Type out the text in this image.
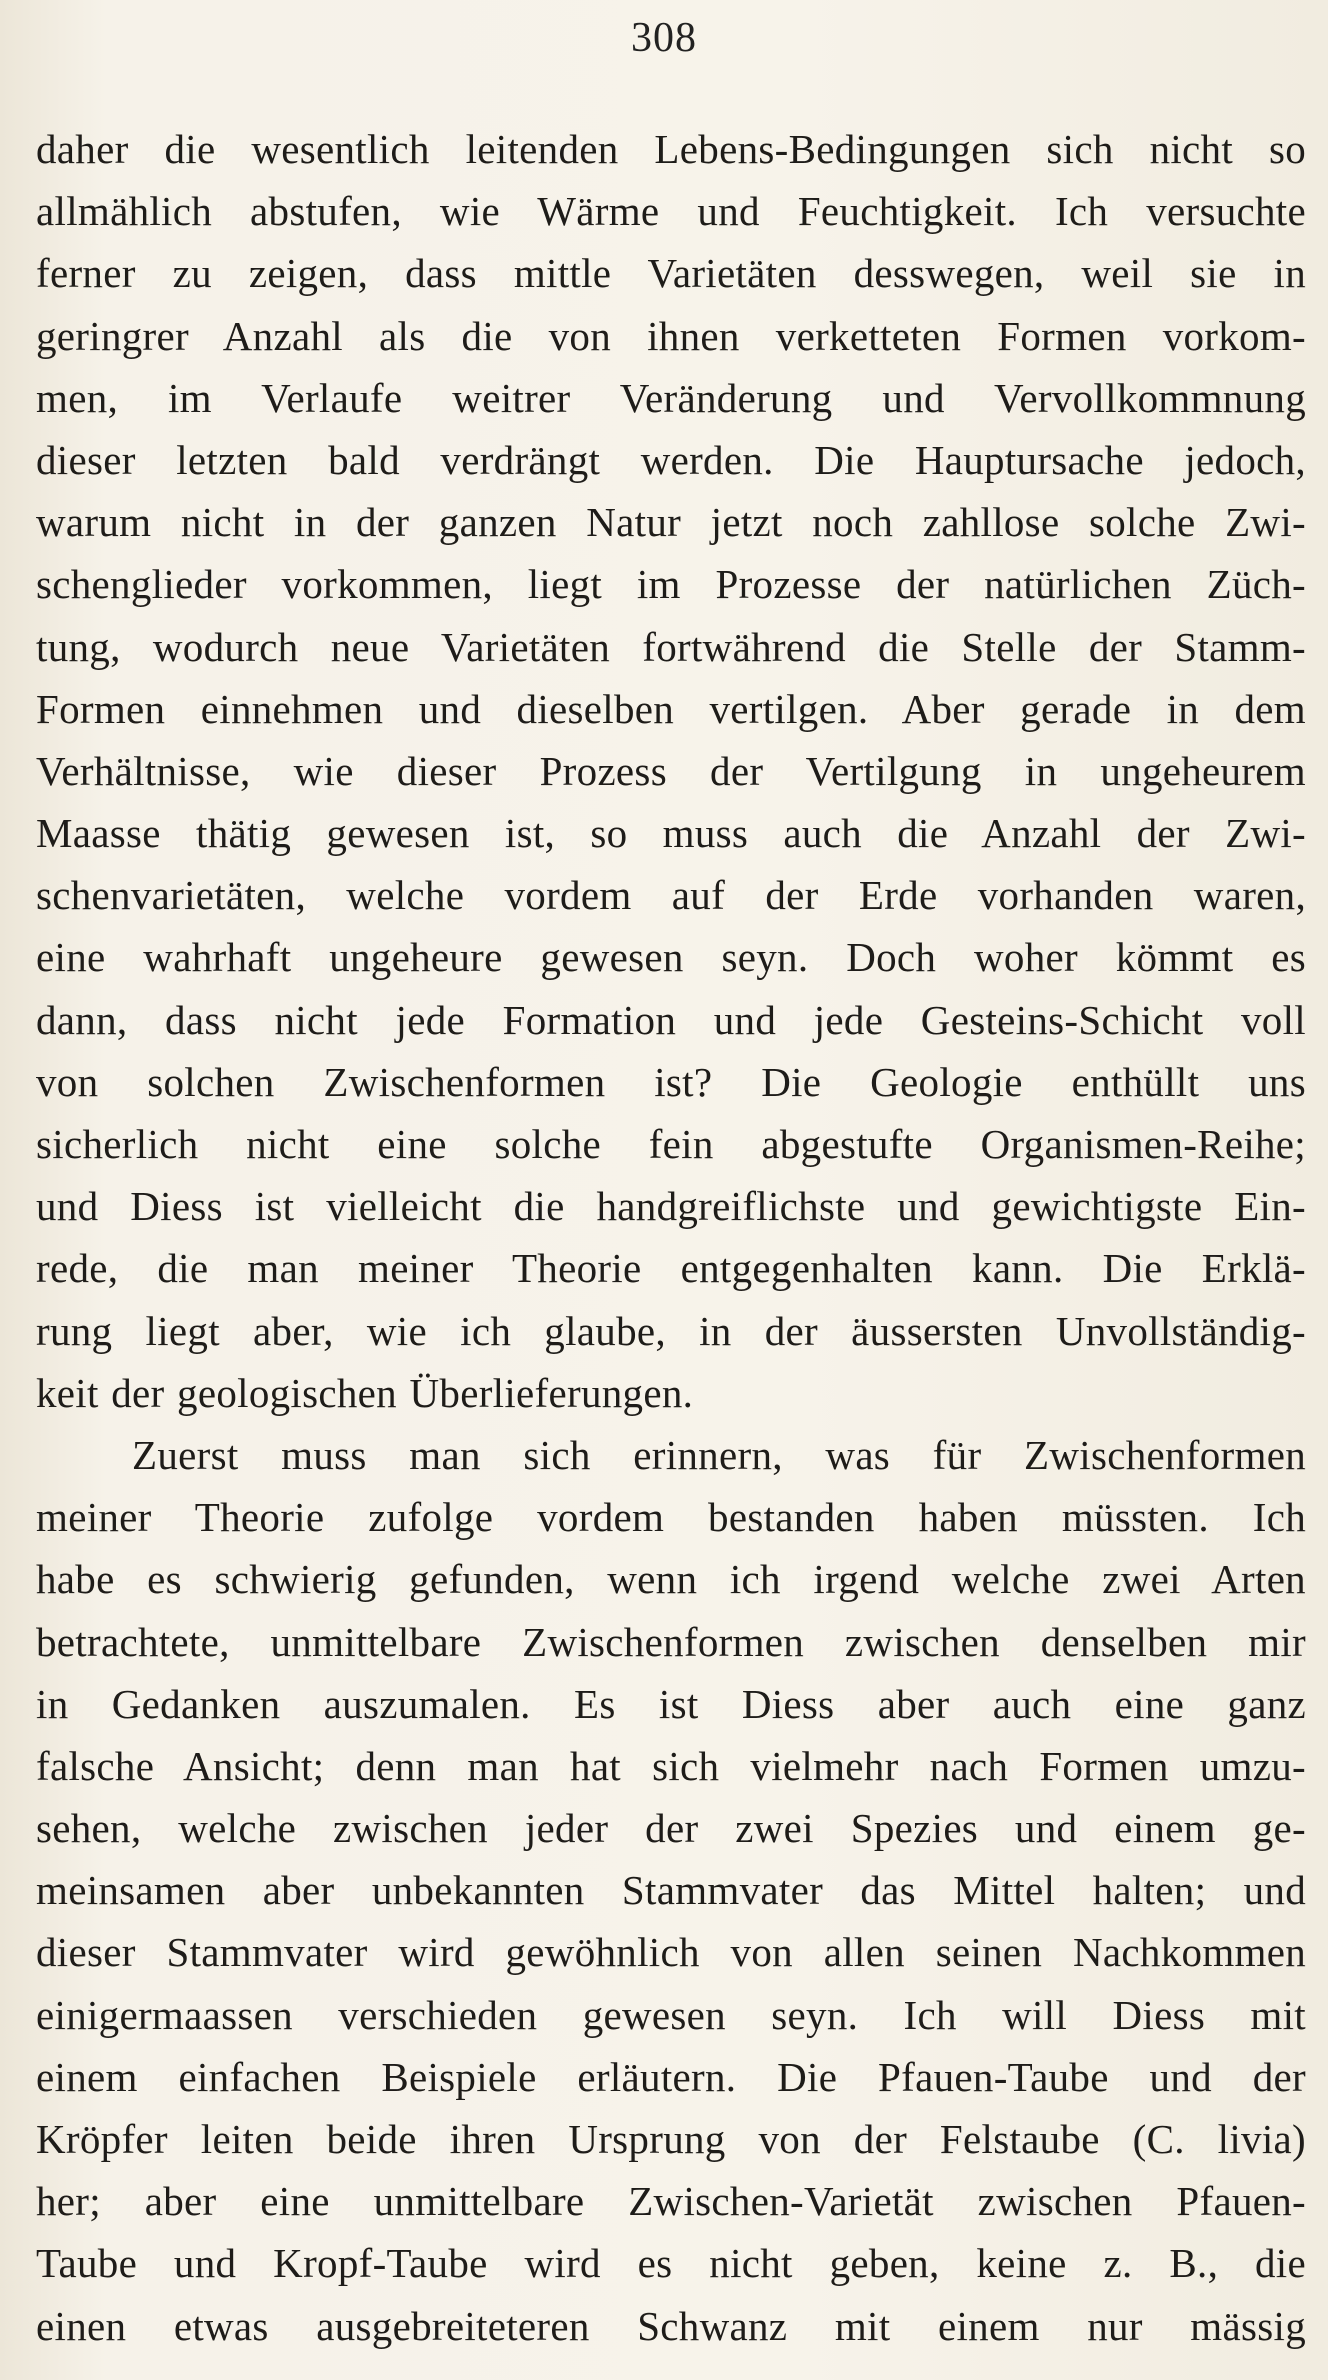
308
daher die wesentlich leitenden Lebens-Bedingungen sich nicht so
allmählich abstufen, wie Wärme und Feuchtigkeit. Ich versuchte
ferner zu zeigen, dass mittle Varietäten desswegen, weil sie in
geringrer Anzahl als die von ihnen verketteten Formen vorkom-
men, im Verlaufe weitrer Veränderung und Vervollkommnung
dieser letzten bald verdrängt werden. Die Hauptursache jedoch,
warum nicht in der ganzen Natur jetzt noch zahllose solche Zwi-
schenglieder vorkommen, liegt im Prozesse der natürlichen Züch-
tung, wodurch neue Varietäten fortwährend die Stelle der Stamm-
Formen einnehmen und dieselben vertilgen. Aber gerade in dem
Verhältnisse, wie dieser Prozess der Vertilgung in ungeheurem
Maasse thätig gewesen ist, so muss auch die Anzahl der Zwi-
schenvarietäten, welche vordem auf der Erde vorhanden waren,
eine wahrhaft ungeheure gewesen seyn. Doch woher kömmt es
dann, dass nicht jede Formation und jede Gesteins-Schicht voll
von solchen Zwischenformen ist? Die Geologie enthüllt uns
sicherlich nicht eine solche fein abgestufte Organismen-Reihe;
und Diess ist vielleicht die handgreiflichste und gewichtigste Ein-
rede, die man meiner Theorie entgegenhalten kann. Die Erklä-
rung liegt aber, wie ich glaube, in der äussersten Unvollständig-
keit der geologischen Überlieferungen.
Zuerst muss man sich erinnern, was für Zwischenformen
meiner Theorie zufolge vordem bestanden haben müssten. Ich
habe es schwierig gefunden, wenn ich irgend welche zwei Arten
betrachtete, unmittelbare Zwischenformen zwischen denselben mir
in Gedanken auszumalen. Es ist Diess aber auch eine ganz
falsche Ansicht; denn man hat sich vielmehr nach Formen umzu-
sehen, welche zwischen jeder der zwei Spezies und einem ge-
meinsamen aber unbekannten Stammvater das Mittel halten; und
dieser Stammvater wird gewöhnlich von allen seinen Nachkommen
einigermaassen verschieden gewesen seyn. Ich will Diess mit
einem einfachen Beispiele erläutern. Die Pfauen-Taube und der
Kröpfer leiten beide ihren Ursprung von der Felstaube (C. livia)
her; aber eine unmittelbare Zwischen-Varietät zwischen Pfauen-
Taube und Kropf-Taube wird es nicht geben, keine z. B., die
einen etwas ausgebreiteteren Schwanz mit einem nur mässig
